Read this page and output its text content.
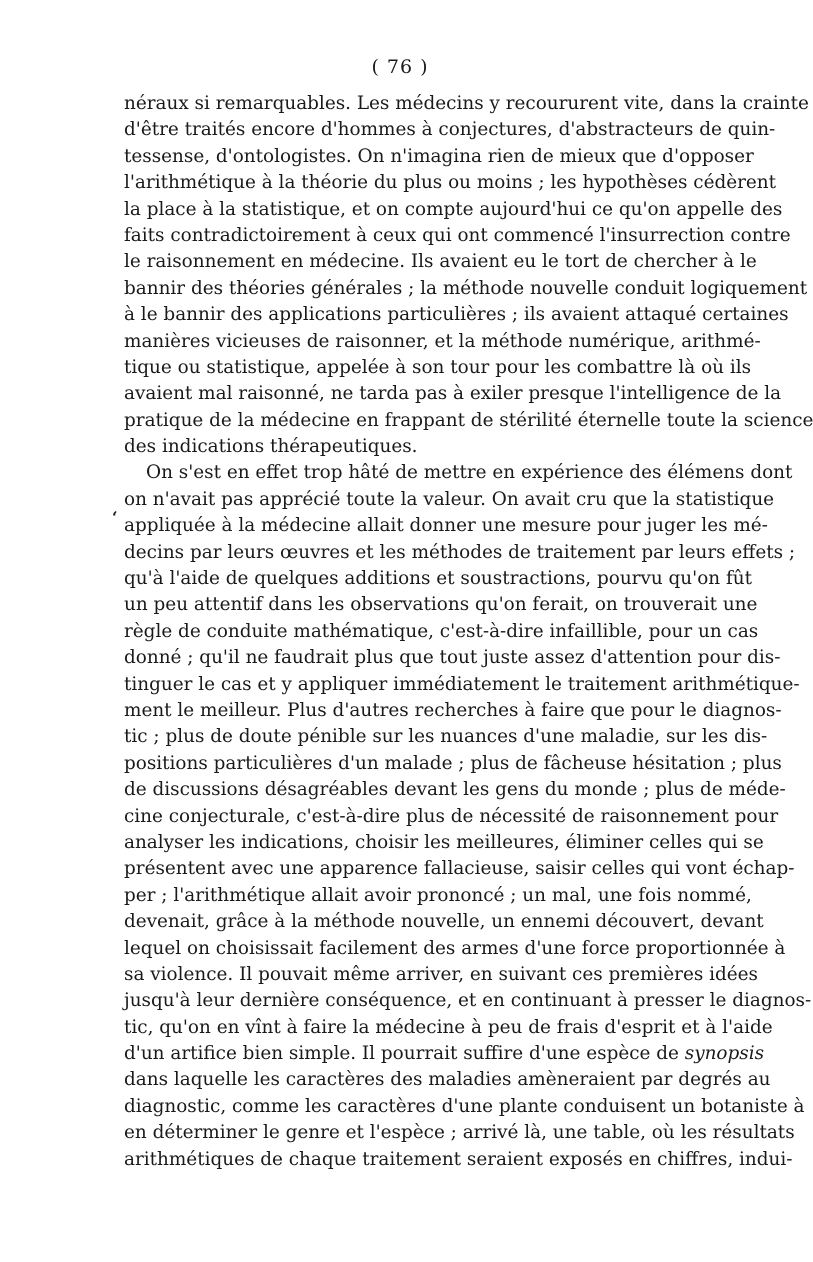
( 76 )
‘
néraux si remarquables. Les médecins y recoururent vite, dans la crainte
d'être traités encore d'hommes à conjectures, d'abstracteurs de quin-
tessense, d'ontologistes. On n'imagina rien de mieux que d'opposer
l'arithmétique à la théorie du plus ou moins ; les hypothèses cédèrent
la place à la statistique, et on compte aujourd'hui ce qu'on appelle des
faits contradictoirement à ceux qui ont commencé l'insurrection contre
le raisonnement en médecine. Ils avaient eu le tort de chercher à le
bannir des théories générales ; la méthode nouvelle conduit logiquement
à le bannir des applications particulières ; ils avaient attaqué certaines
manières vicieuses de raisonner, et la méthode numérique, arithmé-
tique ou statistique, appelée à son tour pour les combattre là où ils
avaient mal raisonné, ne tarda pas à exiler presque l'intelligence de la
pratique de la médecine en frappant de stérilité éternelle toute la science
des indications thérapeutiques.
On s'est en effet trop hâté de mettre en expérience des élémens dont
on n'avait pas apprécié toute la valeur. On avait cru que la statistique
appliquée à la médecine allait donner une mesure pour juger les mé-
decins par leurs œuvres et les méthodes de traitement par leurs effets ;
qu'à l'aide de quelques additions et soustractions, pourvu qu'on fût
un peu attentif dans les observations qu'on ferait, on trouverait une
règle de conduite mathématique, c'est-à-dire infaillible, pour un cas
donné ; qu'il ne faudrait plus que tout juste assez d'attention pour dis-
tinguer le cas et y appliquer immédiatement le traitement arithmétique-
ment le meilleur. Plus d'autres recherches à faire que pour le diagnos-
tic ; plus de doute pénible sur les nuances d'une maladie, sur les dis-
positions particulières d'un malade ; plus de fâcheuse hésitation ; plus
de discussions désagréables devant les gens du monde ; plus de méde-
cine conjecturale, c'est-à-dire plus de nécessité de raisonnement pour
analyser les indications, choisir les meilleures, éliminer celles qui se
présentent avec une apparence fallacieuse, saisir celles qui vont échap-
per ; l'arithmétique allait avoir prononcé ; un mal, une fois nommé,
devenait, grâce à la méthode nouvelle, un ennemi découvert, devant
lequel on choisissait facilement des armes d'une force proportionnée à
sa violence. Il pouvait même arriver, en suivant ces premières idées
jusqu'à leur dernière conséquence, et en continuant à presser le diagnos-
tic, qu'on en vînt à faire la médecine à peu de frais d'esprit et à l'aide
d'un artifice bien simple. Il pourrait suffire d'une espèce de synopsis
dans laquelle les caractères des maladies amèneraient par degrés au
diagnostic, comme les caractères d'une plante conduisent un botaniste à
en déterminer le genre et l'espèce ; arrivé là, une table, où les résultats
arithmétiques de chaque traitement seraient exposés en chiffres, indui-
